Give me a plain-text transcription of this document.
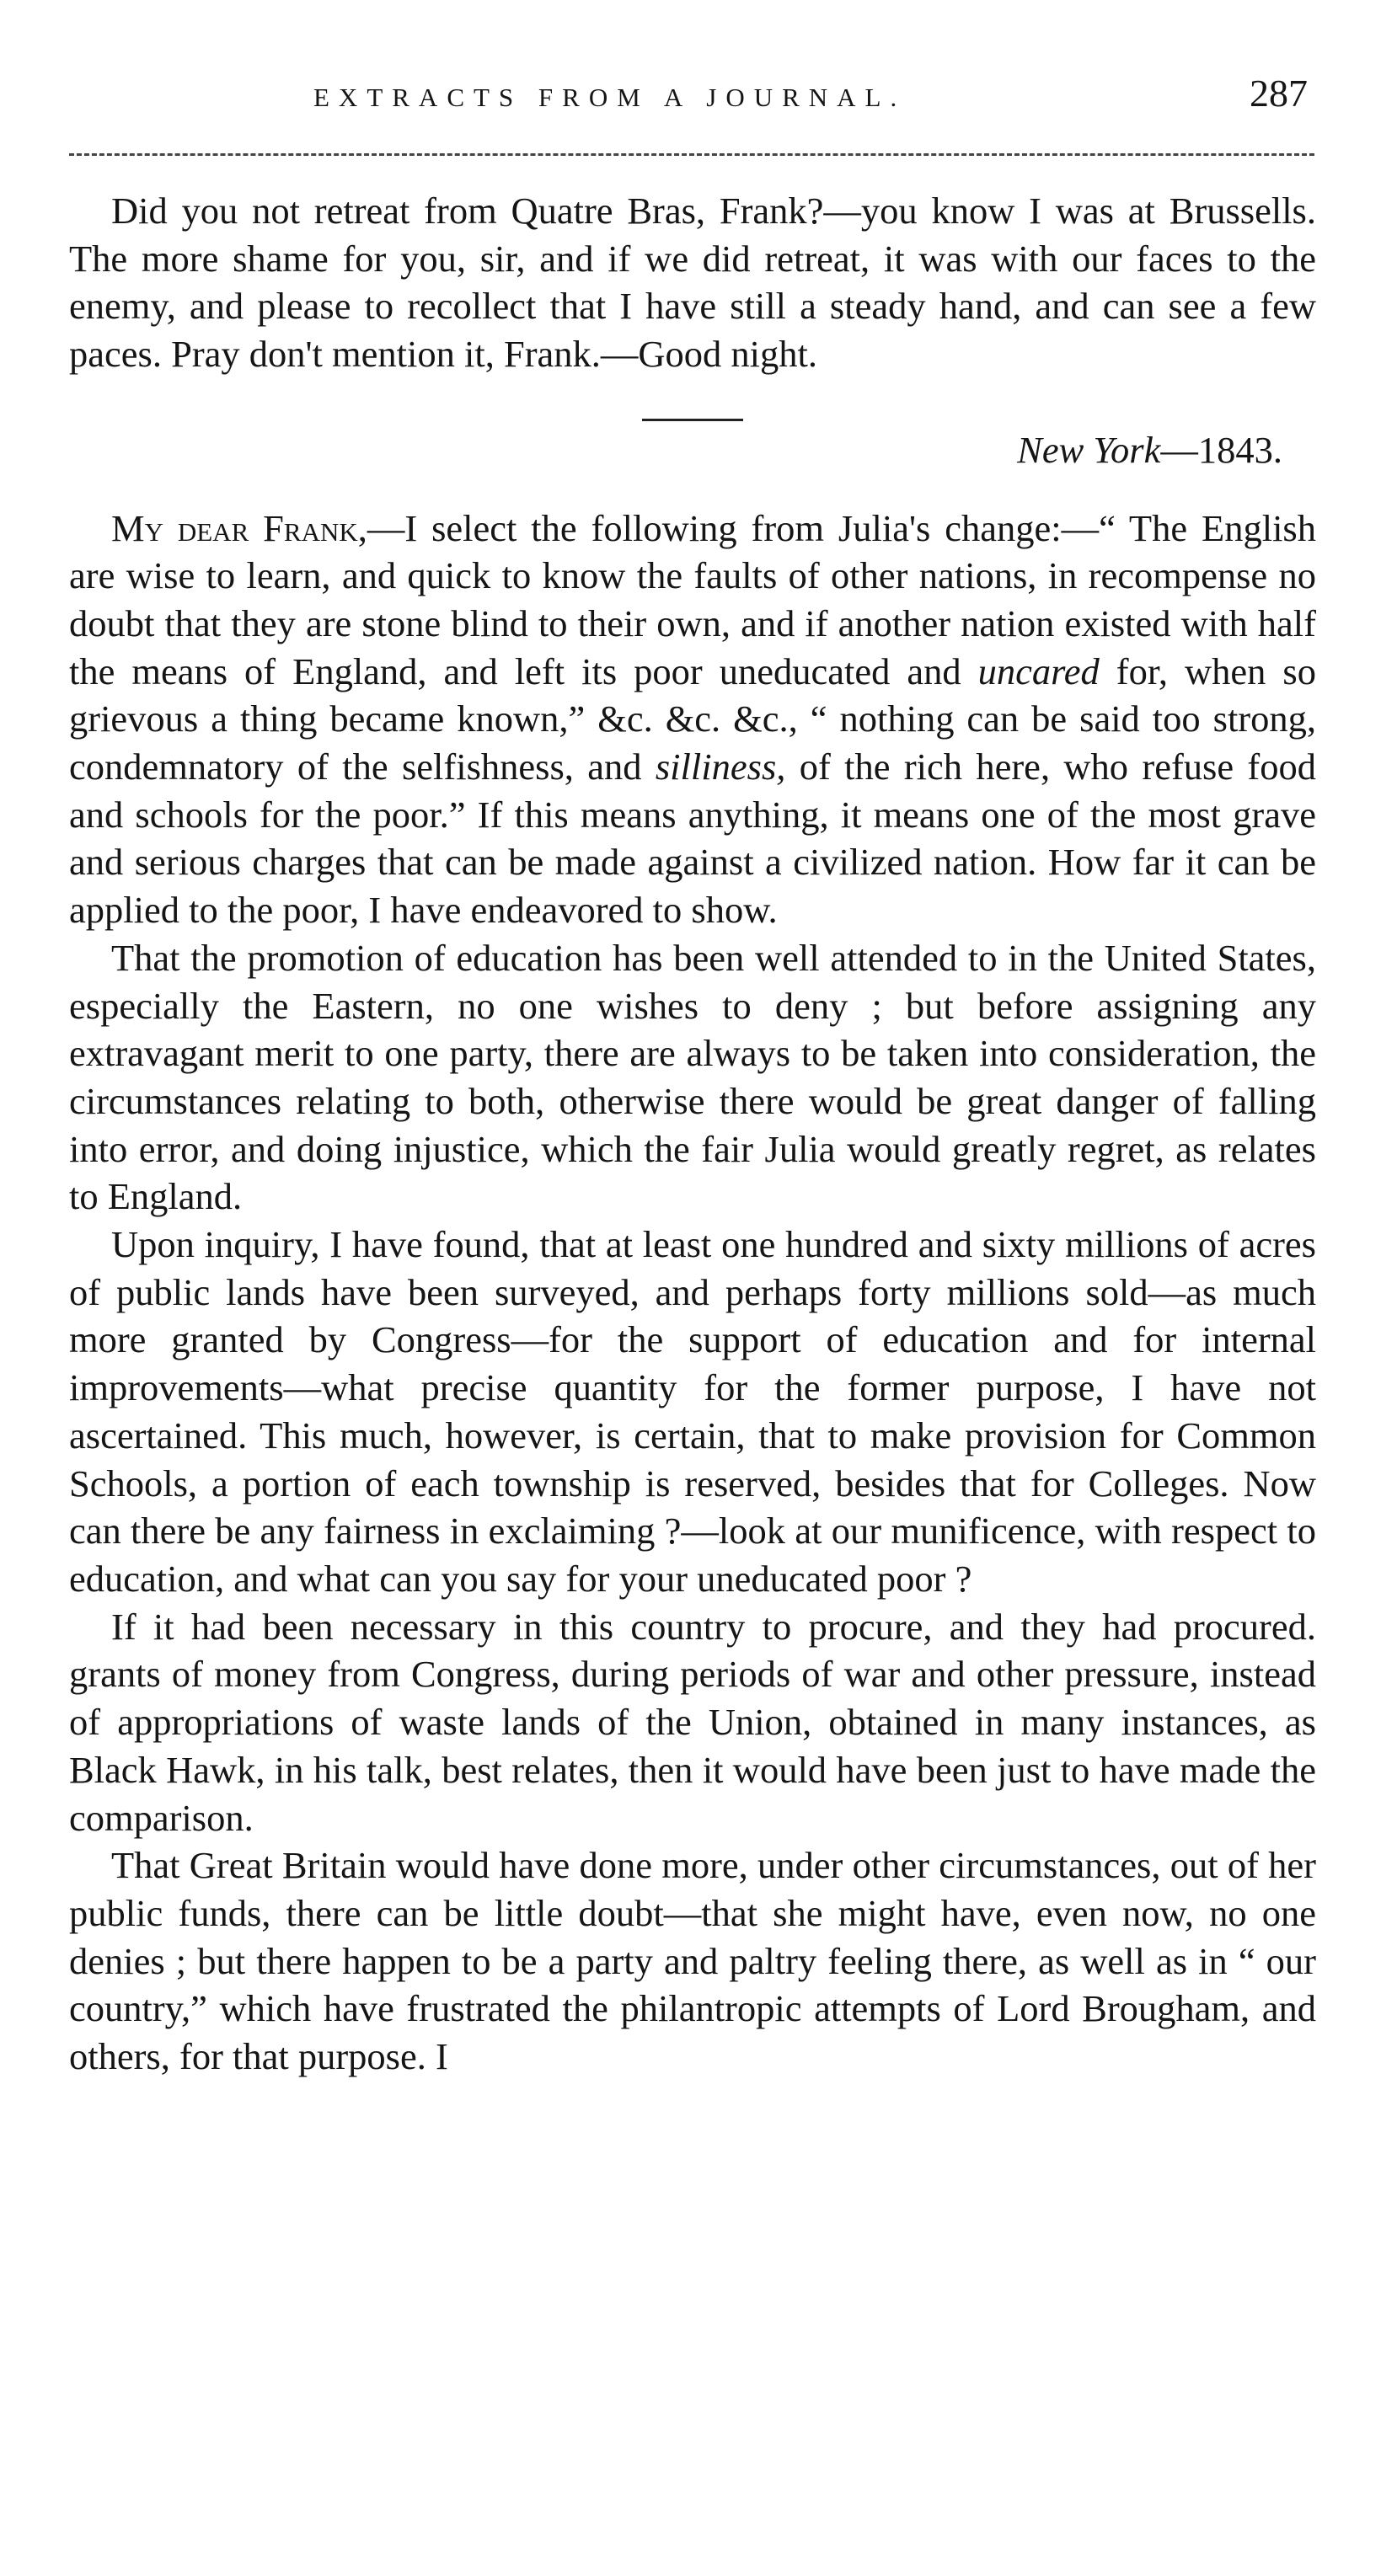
EXTRACTS FROM A JOURNAL.	287

Did you not retreat from Quatre Bras, Frank?—you know I was at Brussells. The more shame for you, sir, and if we did retreat, it was with our faces to the enemy, and please to recollect that I have still a steady hand, and can see a few paces. Pray don't mention it, Frank.—Good night.

New York—1843.

My dear Frank,—I select the following from Julia's change:—“ The English are wise to learn, and quick to know the faults of other nations, in recompense no doubt that they are stone blind to their own, and if another nation existed with half the means of England, and left its poor uneducated and uncared for, when so grievous a thing became known,” &c. &c. &c., “ nothing can be said too strong, condemnatory of the selfishness, and silliness, of the rich here, who refuse food and schools for the poor.” If this means anything, it means one of the most grave and serious charges that can be made against a civilized nation. How far it can be applied to the poor, I have endeavored to show.

That the promotion of education has been well attended to in the United States, especially the Eastern, no one wishes to deny ; but before assigning any extravagant merit to one party, there are always to be taken into consideration, the circumstances relating to both, otherwise there would be great danger of falling into error, and doing injustice, which the fair Julia would greatly regret, as relates to England.

Upon inquiry, I have found, that at least one hundred and sixty millions of acres of public lands have been surveyed, and perhaps forty millions sold—as much more granted by Congress—for the support of education and for internal improvements—what precise quantity for the former purpose, I have not ascertained. This much, however, is certain, that to make provision for Common Schools, a portion of each township is reserved, besides that for Colleges. Now can there be any fairness in exclaiming ?—look at our munificence, with respect to education, and what can you say for your uneducated poor ?

If it had been necessary in this country to procure, and they had procured. grants of money from Congress, during periods of war and other pressure, instead of appropriations of waste lands of the Union, obtained in many instances, as Black Hawk, in his talk, best relates, then it would have been just to have made the comparison.

That Great Britain would have done more, under other circumstances, out of her public funds, there can be little doubt—that she might have, even now, no one denies ; but there happen to be a party and paltry feeling there, as well as in “ our country,” which have frustrated the philantropic attempts of Lord Brougham, and others, for that purpose. I
